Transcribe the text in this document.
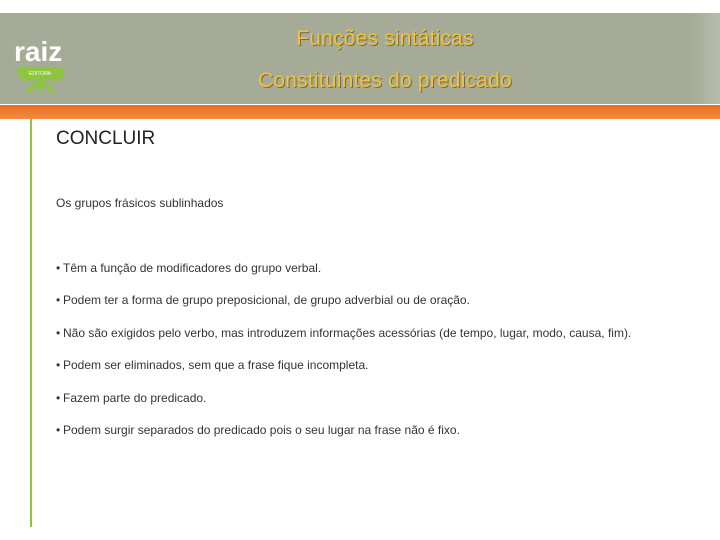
raiz
EDITORA
Funções sintáticas
Constituintes do predicado
CONCLUIR
Os grupos frásicos sublinhados
• Têm a função de modificadores do grupo verbal.
• Podem ter a forma de grupo preposicional, de grupo adverbial ou de oração.
• Não são exigidos pelo verbo, mas introduzem informações acessórias (de tempo, lugar, modo, causa, fim).
• Podem ser eliminados, sem que a frase fique incompleta.
• Fazem parte do predicado.
• Podem surgir separados do predicado pois o seu lugar na frase não é fixo.
